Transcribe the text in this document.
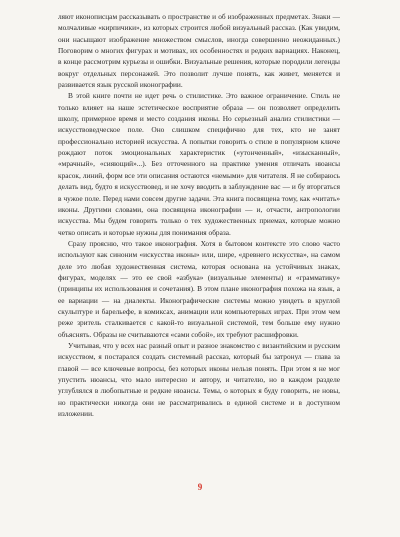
ляют иконописцам рассказывать о пространстве и об изображенных предметах. Знаки — молчаливые «кирпичики», из которых строится любой визуальный рассказ. (Как увидим, они насыщают изображение множеством смыслов, иногда совершенно неожиданных.) Поговорим о многих фигурах и мотивах, их особенностях и редких вариациях. Наконец, в конце рассмотрим курьезы и ошибки. Визуальные решения, которые породили легенды вокруг отдельных персонажей. Это позволит лучше понять, как живет, меняется и развивается язык русской иконографии.

В этой книге почти не идет речь о стилистике. Это важное ограничение. Стиль не только влияет на наше эстетическое восприятие образа — он позволяет определить школу, примерное время и место создания иконы. Но серьезный анализ стилистики — искусствоведческое поле. Оно слишком специфично для тех, кто не занят профессионально историей искусства. А попытки говорить о стиле в популярном ключе рождают поток эмоциональных характеристик («утонченный», «изысканный», «мрачный», «сияющий»...). Без отточенного на практике умения отличать нюансы красок, линий, форм все эти описания остаются «немыми» для читателя. Я не собираюсь делать вид, будто я искусствовед, и не хочу вводить в заблуждение вас — и бу вторгаться в чужое поле. Перед нами совсем другие задачи. Эта книга посвящена тому, как «читать» иконы. Другими словами, она посвящена иконографии — и, отчасти, антропологии искусства. Мы будем говорить только о тех художественных приемах, которые можно четко описать и которые нужны для понимания образа.

Сразу проясню, что такое иконография. Хотя в бытовом контексте это слово часто используют как синоним «искусства иконы» или, шире, «древнего искусства», на самом деле это любая художественная система, которая основана на устойчивых знаках, фигурах, моделях — это ее свой «азбука» (визуальные элементы) и «грамматику» (принципы их использования и сочетания). В этом плане иконография похожа на язык, а ее вариации — на диалекты. Иконографические системы можно увидеть в круглой скульптуре и барельефе, в комиксах, анимации или компьютерных играх. При этом чем реже зритель сталкивается с какой-то визуальной системой, тем больше ему нужно объяснять. Образы не считываются «сами собой», их требуют расшифровки.

Учитывая, что у всех нас разный опыт и разное знакомство с византийским и русским искусством, я постарался создать системный рассказ, который бы затронул — глава за главой — все ключевые вопросы, без которых иконы нельзя понять. При этом я не мог упустить нюансы, что мало интересно и автору, и читателю, но в каждом разделе углублялся в любопытные и редкие нюансы. Темы, о которых я буду говорить, не новы, но практически никогда они не рассматривались в единой системе и в доступном изложении.

9
